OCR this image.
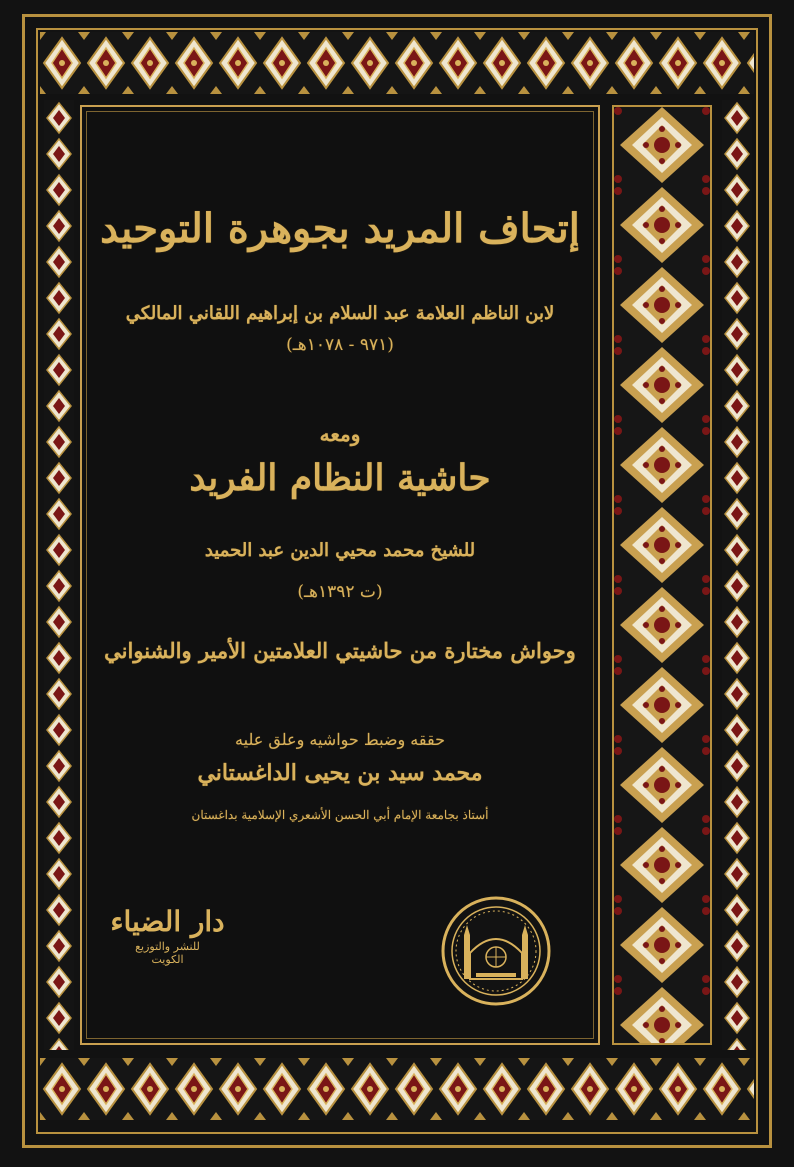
إتحاف المريد بجوهرة التوحيد
لابن الناظم العلامة عبد السلام بن إبراهيم اللقاني المالكي
(٩٧١ - ١٠٧٨هـ)
ومعه
حاشية النظام الفريد
للشيخ محمد محيي الدين عبد الحميد
(ت ١٣٩٢هـ)
وحواش مختارة من حاشيتي العلامتين الأمير والشنواني
حققه وضبط حواشيه وعلق عليه
محمد سيد بن يحيى الداغستاني
أستاذ بجامعة الإمام أبي الحسن الأشعري الإسلامية بداغستان
دار الضياء
للنشر والتوزيع
الكويت
